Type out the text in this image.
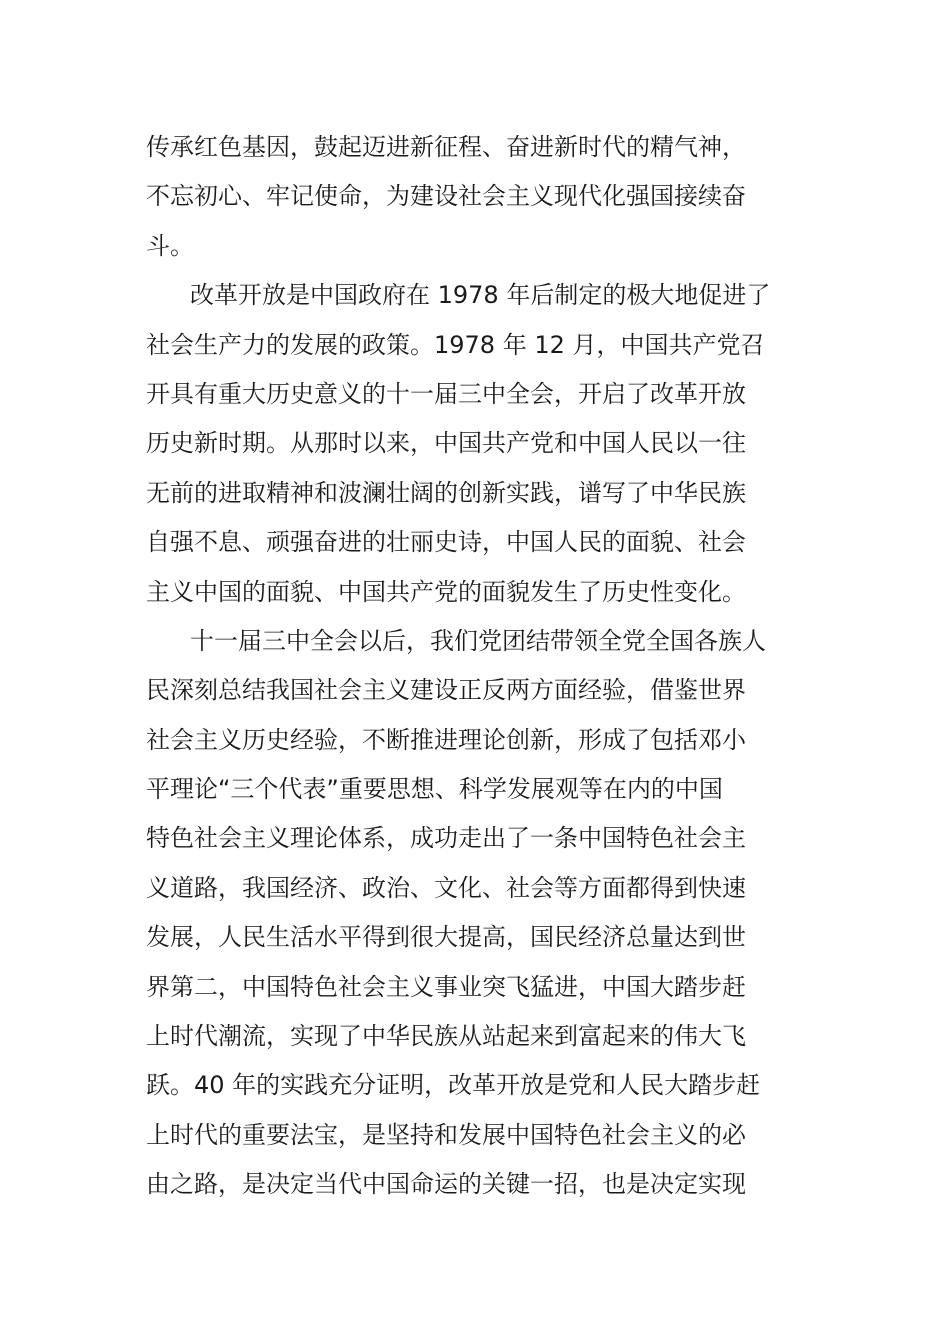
传承红色基因，鼓起迈进新征程、奋进新时代的精气神，
不忘初心、牢记使命，为建设社会主义现代化强国接续奋
斗。
改革开放是中国政府在 1978 年后制定的极大地促进了
社会生产力的发展的政策。1978 年 12 月，中国共产党召
开具有重大历史意义的十一届三中全会，开启了改革开放
历史新时期。从那时以来，中国共产党和中国人民以一往
无前的进取精神和波澜壮阔的创新实践，谱写了中华民族
自强不息、顽强奋进的壮丽史诗，中国人民的面貌、社会
主义中国的面貌、中国共产党的面貌发生了历史性变化。
十一届三中全会以后，我们党团结带领全党全国各族人
民深刻总结我国社会主义建设正反两方面经验，借鉴世界
社会主义历史经验，不断推进理论创新，形成了包括邓小
平理论“三个代表”重要思想、科学发展观等在内的中国
特色社会主义理论体系，成功走出了一条中国特色社会主
义道路，我国经济、政治、文化、社会等方面都得到快速
发展，人民生活水平得到很大提高，国民经济总量达到世
界第二，中国特色社会主义事业突飞猛进，中国大踏步赶
上时代潮流，实现了中华民族从站起来到富起来的伟大飞
跃。40 年的实践充分证明，改革开放是党和人民大踏步赶
上时代的重要法宝，是坚持和发展中国特色社会主义的必
由之路，是决定当代中国命运的关键一招，也是决定实现
